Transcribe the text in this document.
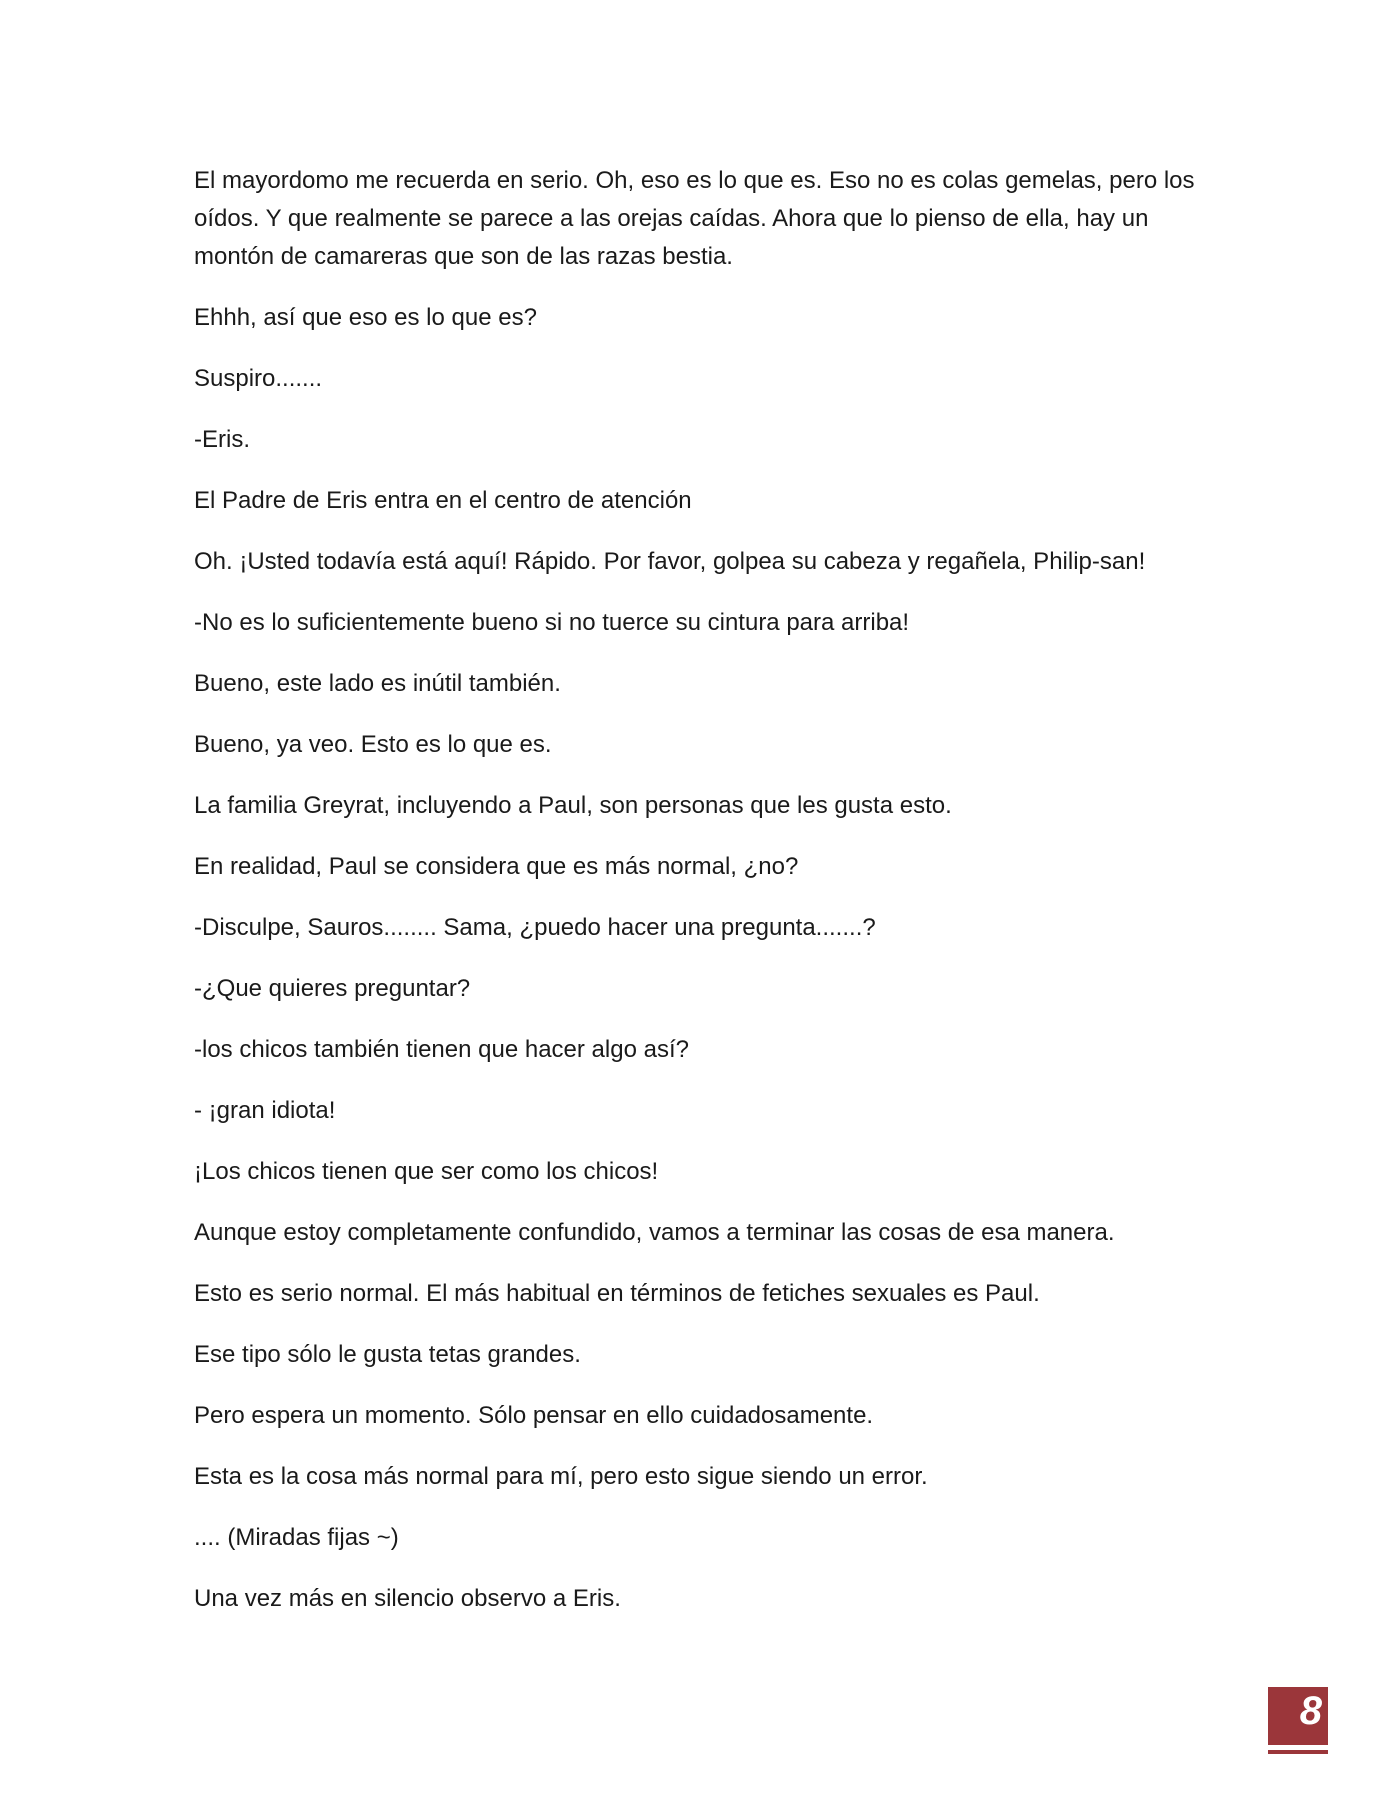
El mayordomo me recuerda en serio. Oh, eso es lo que es. Eso no es colas gemelas, pero los oídos. Y que realmente se parece a las orejas caídas. Ahora que lo pienso de ella, hay un montón de camareras que son de las razas bestia.

Ehhh, así que eso es lo que es?

Suspiro.......

-Eris.

El Padre de Eris entra en el centro de atención

Oh. ¡Usted todavía está aquí! Rápido. Por favor, golpea su cabeza y regañela, Philip-san!

-No es lo suficientemente bueno si no tuerce su cintura para arriba!

Bueno, este lado es inútil también.

Bueno, ya veo. Esto es lo que es.

La familia Greyrat, incluyendo a Paul, son personas que les gusta esto.

En realidad, Paul se considera que es más normal, ¿no?

-Disculpe, Sauros........ Sama, ¿puedo hacer una pregunta.......?

-¿Que quieres preguntar?

-los chicos también tienen que hacer algo así?

- ¡gran idiota!

¡Los chicos tienen que ser como los chicos!

Aunque estoy completamente confundido, vamos a terminar las cosas de esa manera.

Esto es serio normal. El más habitual en términos de fetiches sexuales es Paul.

Ese tipo sólo le gusta tetas grandes.

Pero espera un momento. Sólo pensar en ello cuidadosamente.

Esta es la cosa más normal para mí, pero esto sigue siendo un error.

.... (Miradas fijas ~)

Una vez más en silencio observo a Eris.

8
